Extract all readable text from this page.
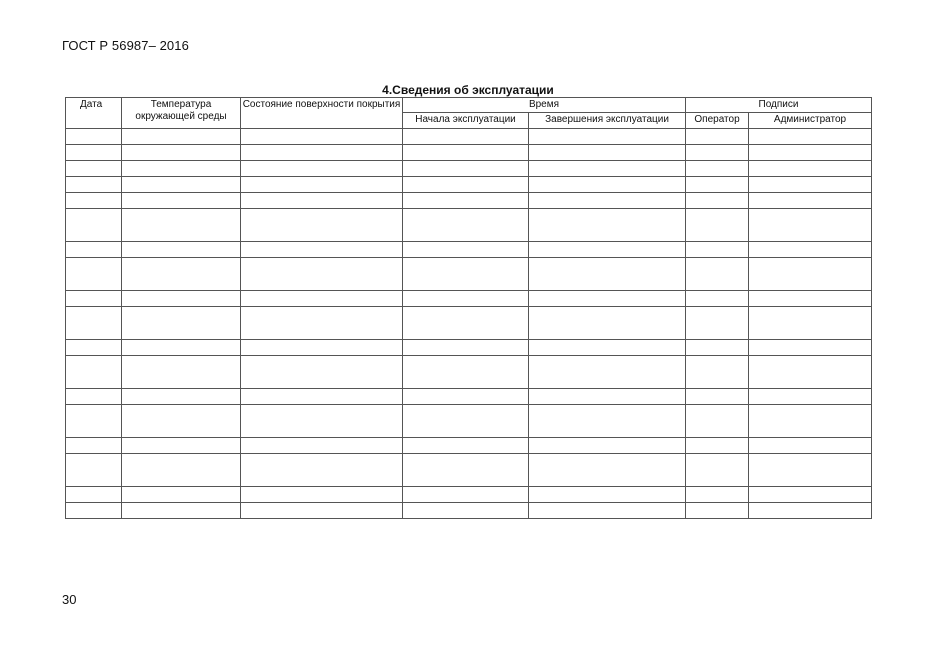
ГОСТ Р 56987– 2016
4.Сведения об эксплуатации
Дата	Температура окружающей среды	Состояние поверхности покрытия	Время		Подписи	
			Начала эксплуатации	Завершения эксплуатации	Оператор	Администратор

30
